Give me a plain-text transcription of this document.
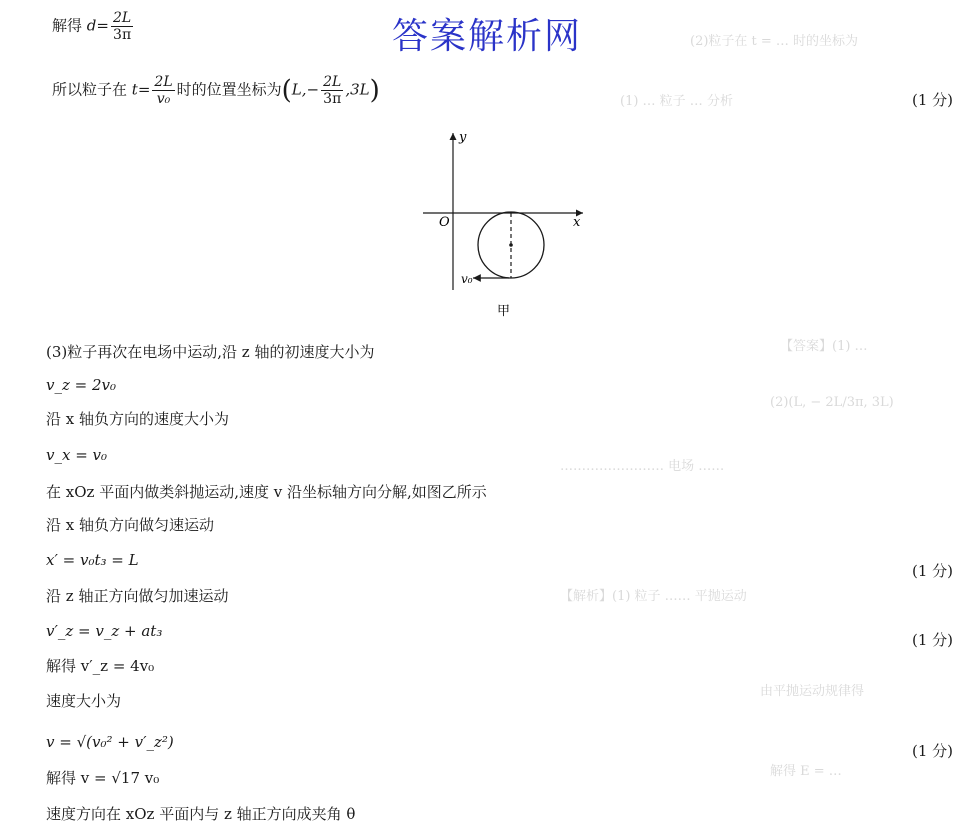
(2)粒子在 t = … 时的坐标为
(1) … 粒子 … 分析
【答案】(1) …
(2)(L, − 2L/3π, 3L)
…………………… 电场 ……
【解析】(1) 粒子 …… 平抛运动
由平抛运动规律得
解得 E = …
答案解析网
解得 $d= \frac{2L}{3\pi}$
所以粒子在 $t= \frac{2L}{\text{v₀}}$ 时的位置坐标为$(L,- \frac{2L}{3\pi} ,3L)$	(1 分)
y
x
O
v₀
甲
(3)粒子再次在电场中运动,沿 z 轴的初速度大小为
v_z = 2v₀
沿 x 轴负方向的速度大小为
v_x = v₀
在 xOz 平面内做类斜抛运动,速度 v 沿坐标轴方向分解,如图乙所示
沿 x 轴负方向做匀速运动
x′ = v₀t₃ = L
(1 分)
沿 z 轴正方向做匀加速运动
v′_z = v_z + at₃	(1 分)
解得 v′_z = 4v₀
速度大小为
v = √(v₀² + v′_z²)	(1 分)
解得 v = √17 v₀
速度方向在 xOz 平面内与 z 轴正方向成夹角 θ
